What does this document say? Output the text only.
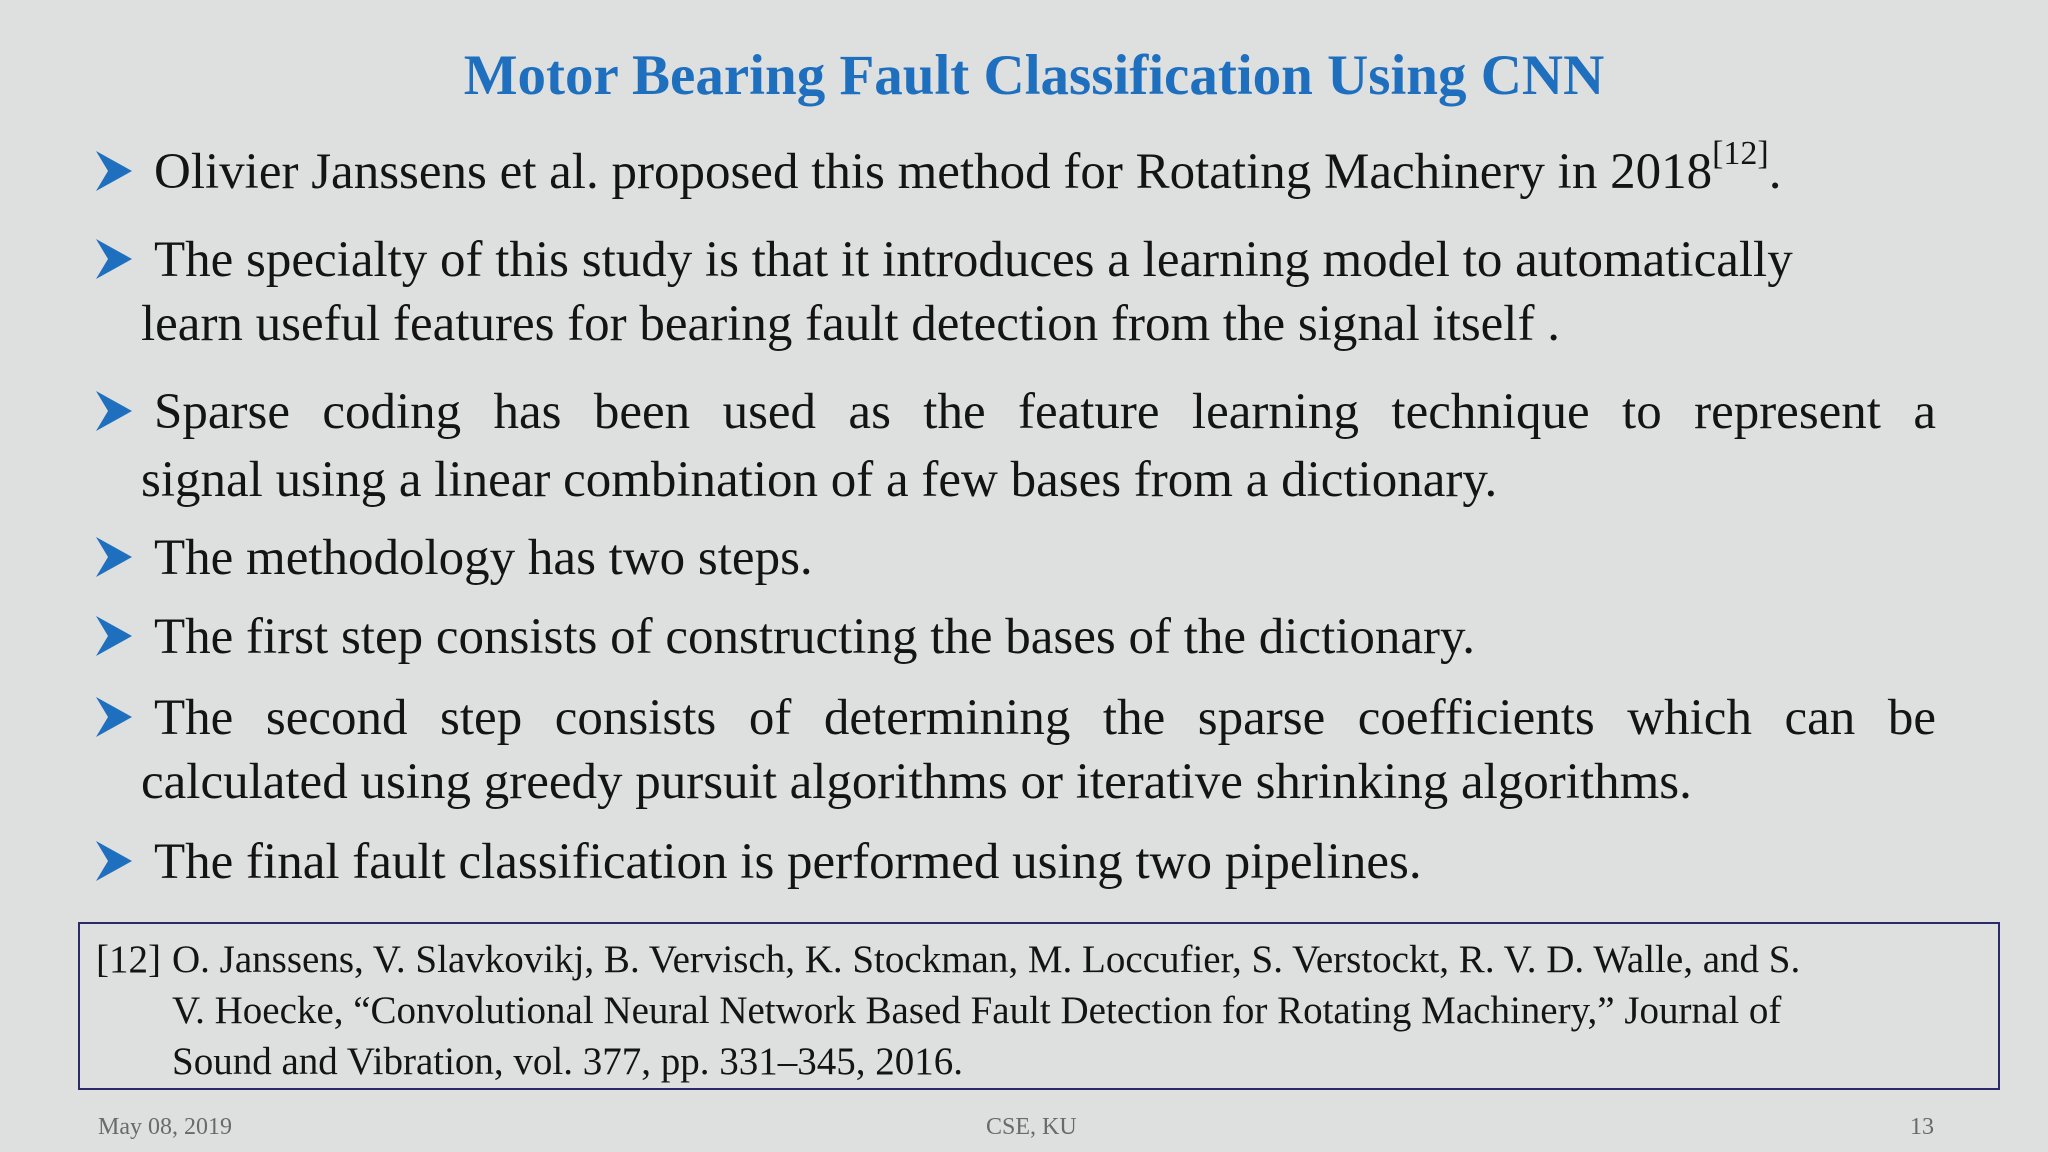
Motor Bearing Fault Classification Using CNN
Olivier Janssens et al. proposed this method for Rotating Machinery in 2018[12].
The specialty of this study is that it introduces a learning model to automatically
learn useful features for bearing fault detection from the signal itself .
Sparse coding has been used as the feature learning technique to represent a
signal using a linear combination of a few bases from a dictionary.
The methodology has two steps.
The first step consists of constructing the bases of the dictionary.
The second step consists of determining the sparse coefficients which can be
calculated using greedy pursuit algorithms or iterative shrinking algorithms.
The final fault classification is performed using two pipelines.
[12] O. Janssens, V. Slavkovikj, B. Vervisch, K. Stockman, M. Loccufier, S. Verstockt, R. V. D. Walle, and S.
V. Hoecke, “Convolutional Neural Network Based Fault Detection for Rotating Machinery,” Journal of
Sound and Vibration, vol. 377, pp. 331–345, 2016.
May 08, 2019	CSE, KU	13
